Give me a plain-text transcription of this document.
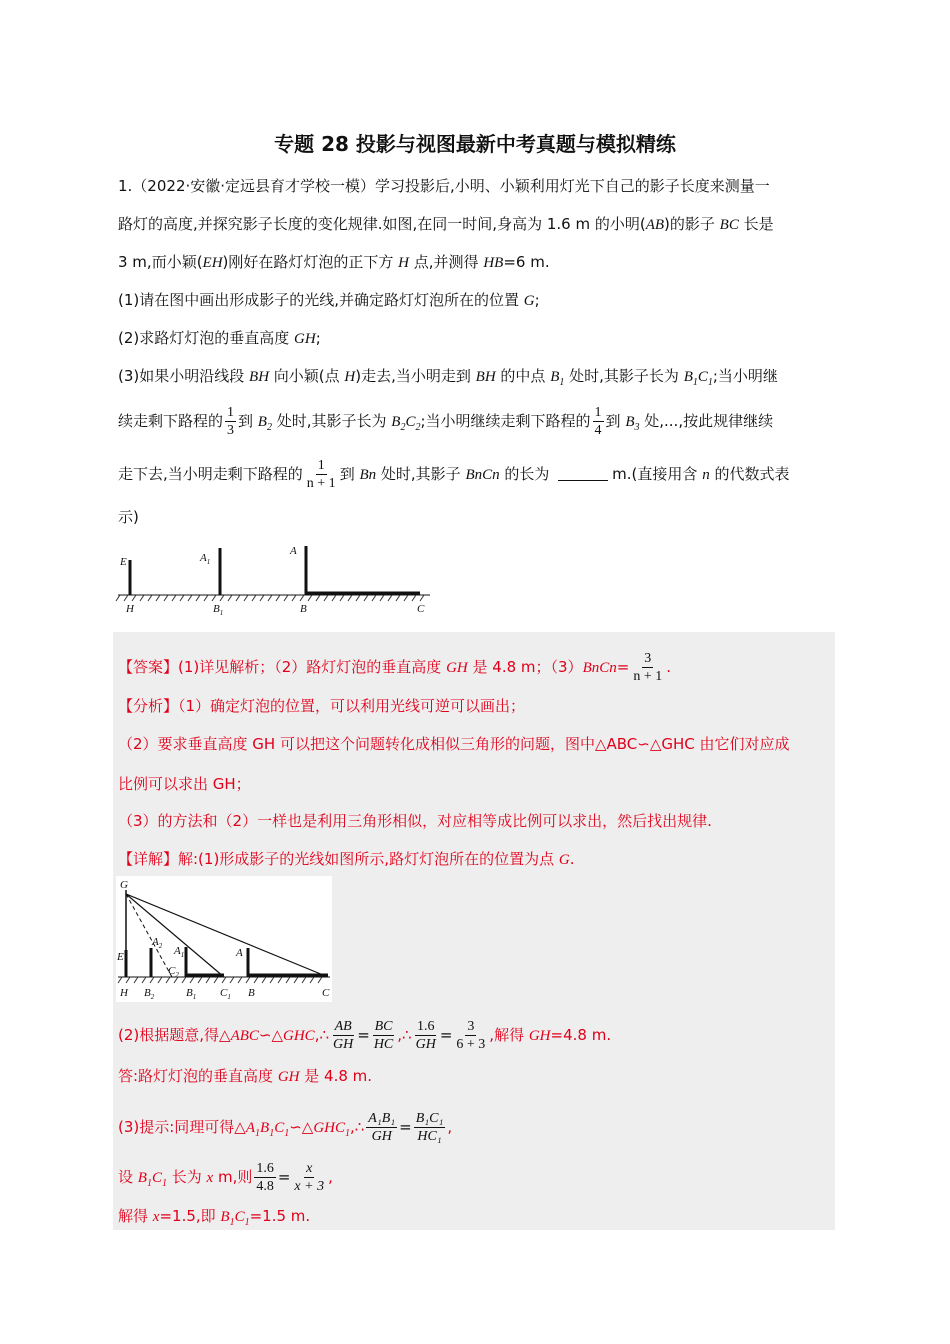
专题 28 投影与视图最新中考真题与模拟精练
1.（2022·安徽·定远县育才学校一模）学习投影后,小明、小颖利用灯光下自己的影子长度来测量一
路灯的高度,并探究影子长度的变化规律.如图,在同一时间,身高为 1.6 m 的小明(AB)的影子 BC 长是
3 m,而小颖(EH)刚好在路灯灯泡的正下方 H 点,并测得 HB=6 m.
(1)请在图中画出形成影子的光线,并确定路灯灯泡所在的位置 G;
(2)求路灯灯泡的垂直高度 GH;
(3)如果小明沿线段 BH 向小颖(点 H)走去,当小明走到 BH 的中点 $B_1$ 处时,其影子长为 $B_1C_1$;当小明继
续走剩下路程的 $\frac{1}{3}$ 到 $B_2$ 处时,其影子长为 $B_2C_2$;当小明继续走剩下路程的 $\frac{1}{4}$ 到 $B_3$ 处,...,按此规律继续
走下去,当小明走剩下路程的 $\frac{1}{n + 1}$ 到 Bn 处时,其影子 BnCn 的长为	m.(直接用含 n 的代数式表
示)
E	$A_1$
A
H	$B_1$	B	C
【答案】(1)详见解析；（2）路灯灯泡的垂直高度 GH 是 4.8 m；（3）BnCn= $\frac{3}{n + 1}$ .
【分析】（1）确定灯泡的位置，可以利用光线可逆可以画出；
（2）要求垂直高度 GH 可以把这个问题转化成相似三角形的问题，图中△ABC∽△GHC 由它们对应成
比例可以求出 GH；
（3）的方法和（2）一样也是利用三角形相似，对应相等成比例可以求出，然后找出规律.
【详解】解:(1)形成影子的光线如图所示,路灯灯泡所在的位置为点 G.
G
E
$A_2$ $A_1$
$C_2$
A
H $B_2$	$B_1$ $C_1$ B	C
(2)根据题意,得△ABC∽△GHC,∴ $\frac{AB}{GH} = \frac{BC}{HC}$ ,∴ $\frac{1.6}{GH} = \frac{3}{6 + 3}$ ,解得 GH=4.8 m.
答:路灯灯泡的垂直高度 GH 是 4.8 m.
(3)提示:同理可得$\triangle A_1B_1C_1∽\triangle GHC_1,\therefore \frac{\text{A₁B₁}}{GH} = \frac{\text{B₁C₁}}{\text{HC₁}}$ ,
设 $B_1C_1$ 长为 x m,则 $\frac{1.6}{4.8} = \frac{x}{x + 3}$ ,
解得 x=1.5,即 $B_1C_1=1.5$ m.
